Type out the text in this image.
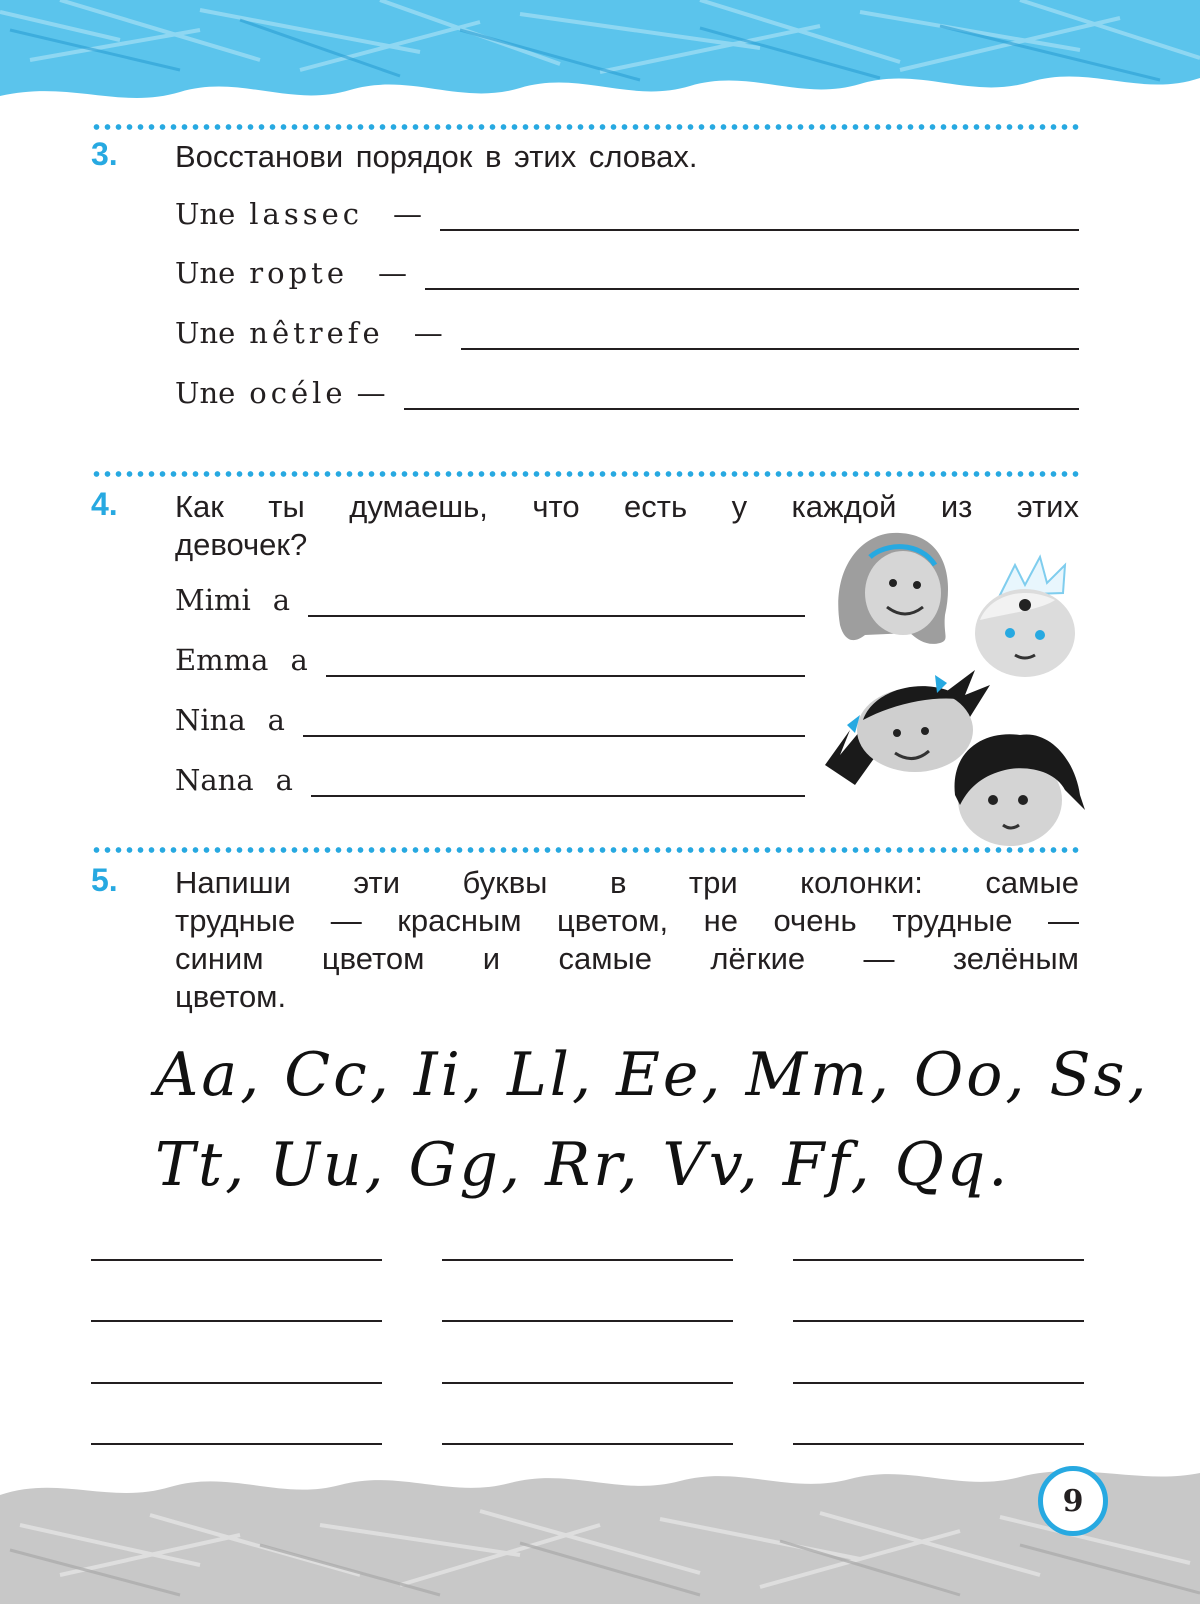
3. Восстанови порядок в этих словах.
Une lassec —
Une ropte —
Une nêtrefe —
Une océle —
4. Как ты думаешь, что есть у каждой из этих
девочек?
Mimi a
Emma a
Nina a
Nana a
5. Напиши эти буквы в три колонки: самые
трудные — красным цветом, не очень трудные —
синим цветом и самые лёгкие — зелёным
цветом.
Aa, Cc, Ii, Ll, Ee, Mm, Oo, Ss,
Tt, Uu, Gg, Rr, Vv, Ff, Qq.
9
